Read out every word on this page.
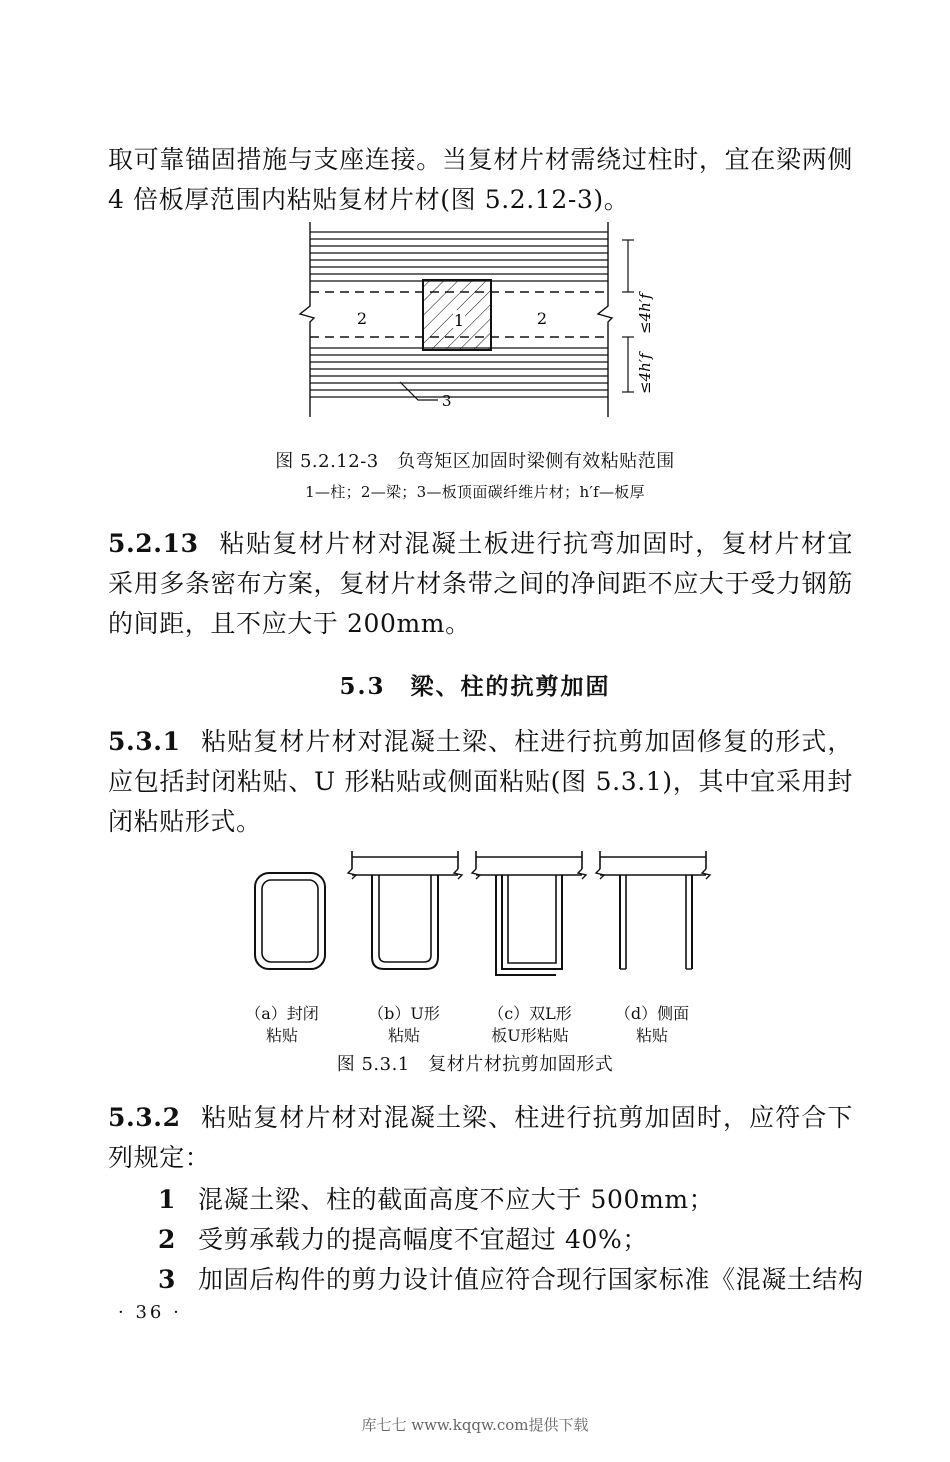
取可靠锚固措施与支座连接。当复材片材需绕过柱时，宜在梁两侧 4 倍板厚范围内粘贴复材片材(图 5.2.12-3)。

1
2	2
3
≤4h′f
≤4h′f
图 5.2.12-3　负弯矩区加固时梁侧有效粘贴范围
1—柱；2—梁；3—板顶面碳纤维片材；h′f—板厚

5.2.13 粘贴复材片材对混凝土板进行抗弯加固时，复材片材宜采用多条密布方案，复材片材条带之间的净间距不应大于受力钢筋的间距，且不应大于 200mm。

5.3　梁、柱的抗剪加固

5.3.1 粘贴复材片材对混凝土梁、柱进行抗剪加固修复的形式，应包括封闭粘贴、U 形粘贴或侧面粘贴(图 5.3.1)，其中宜采用封闭粘贴形式。

（a）封闭
粘贴
（b）U形
粘贴
（c）双L形
板U形粘贴
（d）侧面
粘贴
图 5.3.1　复材片材抗剪加固形式

5.3.2 粘贴复材片材对混凝土梁、柱进行抗剪加固时，应符合下列规定：

1 混凝土梁、柱的截面高度不应大于 500mm；
2 受剪承载力的提高幅度不宜超过 40%；
3 加固后构件的剪力设计值应符合现行国家标准《混凝土结构
· 36 ·
库七七 www.kqqw.com提供下载
